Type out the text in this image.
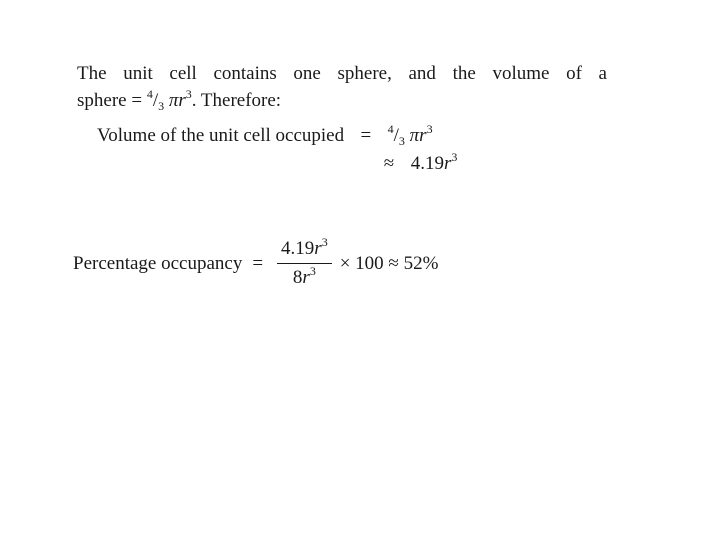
The unit cell contains one sphere, and the volume of a
sphere = $^4/_3$ $\pi r^3$. Therefore:
Volume of the unit cell occupied = $^4/_3$ $\pi r^3$
≈ $4.19r^3$
Percentage occupancy = $\frac{4.19r^3}{8r^3} \times 100 \approx 52\%$
